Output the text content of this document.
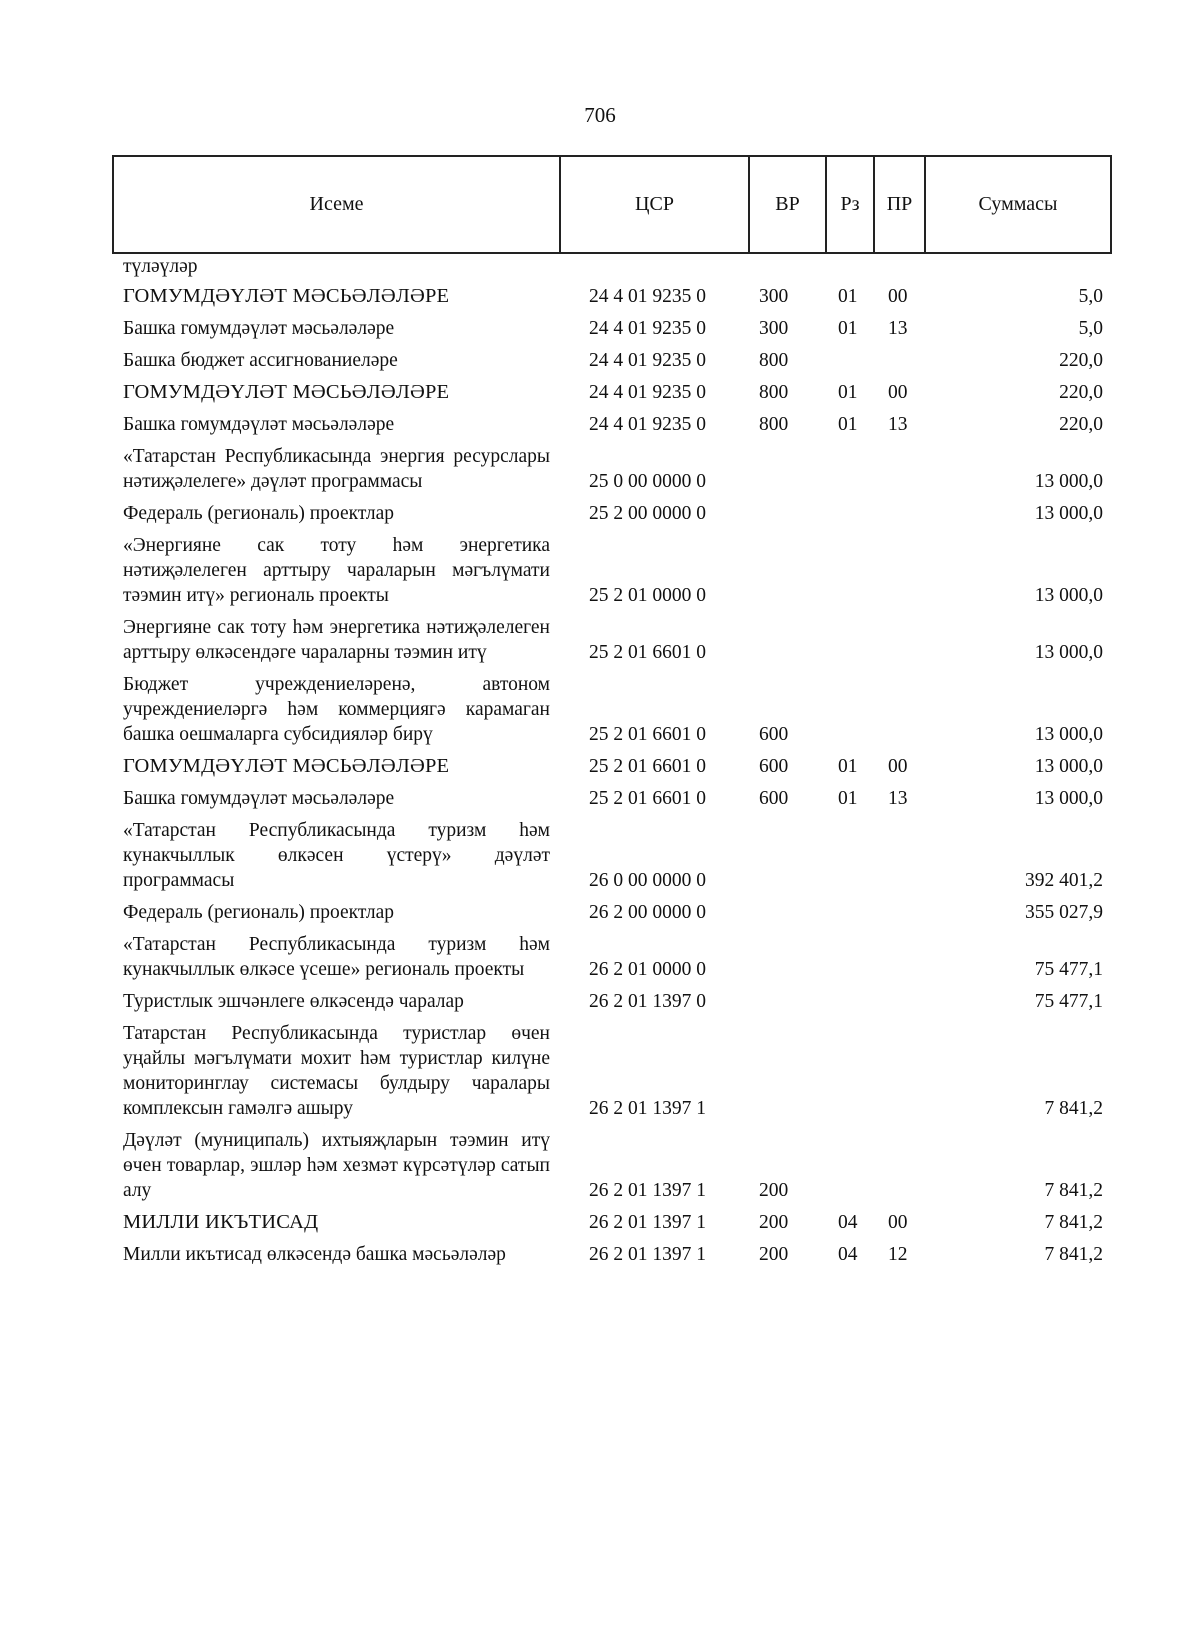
706
Исеме	ЦСР	ВР	Рз	ПР	Суммасы
түләүләр					
ГОМУМДӘҮЛӘТ МӘСЬӘЛӘЛӘРЕ	24 4 01 9235 0	300	01	00	5,0
Башка гомумдәүләт мәсьәләләре	24 4 01 9235 0	300	01	13	5,0
Башка бюджет ассигнованиеләре	24 4 01 9235 0	800			220,0
ГОМУМДӘҮЛӘТ МӘСЬӘЛӘЛӘРЕ	24 4 01 9235 0	800	01	00	220,0
Башка гомумдәүләт мәсьәләләре	24 4 01 9235 0	800	01	13	220,0
«Татарстан Республикасында энергия ресурслары нәтиҗәлелеге» дәүләт программасы	25 0 00 0000 0				13 000,0
Федераль (региональ) проектлар	25 2 00 0000 0				13 000,0
«Энергияне сак тоту һәм энергетика нәтиҗәлелеген арттыру чараларын мәгълүмати тәэмин итү» региональ проекты	25 2 01 0000 0				13 000,0
Энергияне сак тоту һәм энергетика нәтиҗәлелеген арттыру өлкәсендәге чараларны тәэмин итү	25 2 01 6601 0				13 000,0
Бюджет учреждениеләренә, автоном учреждениеләргә һәм коммерциягә карамаган башка оешмаларга субсидияләр бирү	25 2 01 6601 0	600			13 000,0
ГОМУМДӘҮЛӘТ МӘСЬӘЛӘЛӘРЕ	25 2 01 6601 0	600	01	00	13 000,0
Башка гомумдәүләт мәсьәләләре	25 2 01 6601 0	600	01	13	13 000,0
«Татарстан Республикасында туризм һәм кунакчыллык өлкәсен үстерү» дәүләт программасы	26 0 00 0000 0				392 401,2
Федераль (региональ) проектлар	26 2 00 0000 0				355 027,9
«Татарстан Республикасында туризм һәм кунакчыллык өлкәсе үсеше» региональ проекты	26 2 01 0000 0				75 477,1
Туристлык эшчәнлеге өлкәсендә чаралар	26 2 01 1397 0				75 477,1
Татарстан Республикасында туристлар өчен уңайлы мәгълүмати мохит һәм туристлар килүне мониторинглау системасы булдыру чаралары комплексын гамәлгә ашыру	26 2 01 1397 1				7 841,2
Дәүләт (муниципаль) ихтыяҗларын тәэмин итү өчен товарлар, эшләр һәм хезмәт күрсәтүләр сатып алу	26 2 01 1397 1	200			7 841,2
МИЛЛИ ИКЪТИСАД	26 2 01 1397 1	200	04	00	7 841,2
Милли икътисад өлкәсендә башка мәсьәләләр	26 2 01 1397 1	200	04	12	7 841,2
